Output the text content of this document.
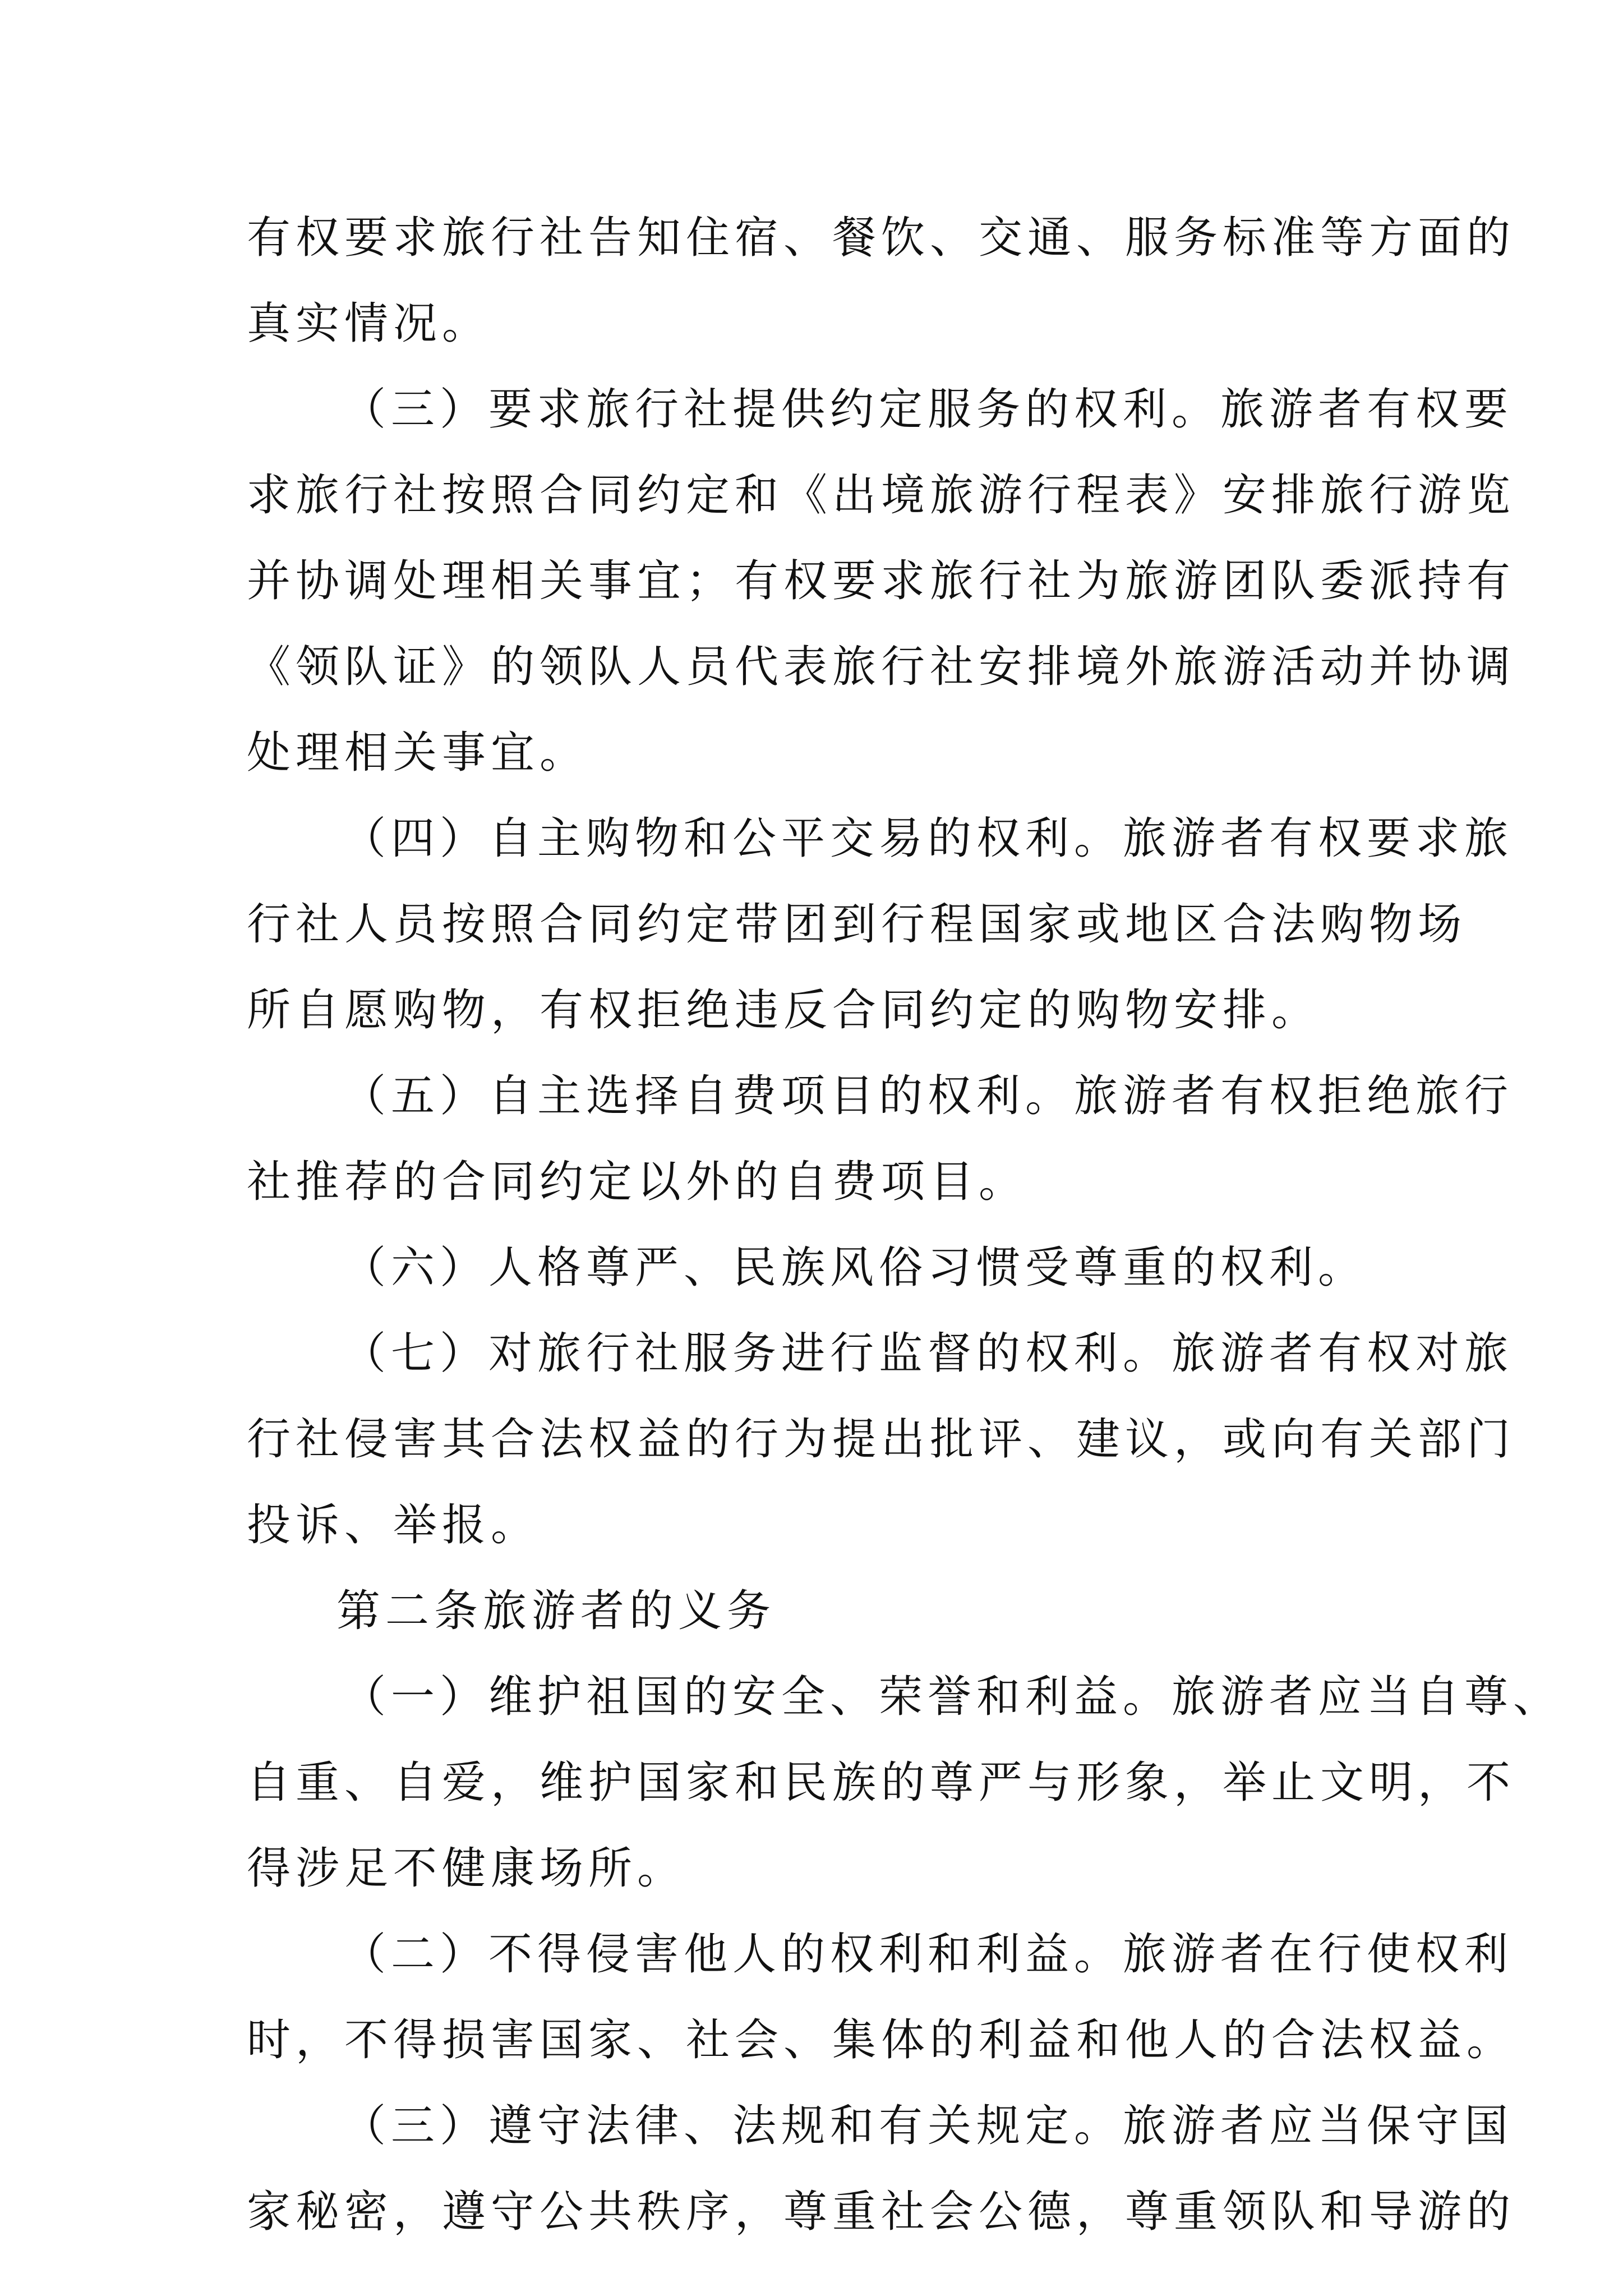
有权要求旅行社告知住宿、餐饮、交通、服务标准等方面的
真实情况。
（三）要求旅行社提供约定服务的权利。旅游者有权要
求旅行社按照合同约定和《出境旅游行程表》安排旅行游览
并协调处理相关事宜；有权要求旅行社为旅游团队委派持有
《领队证》的领队人员代表旅行社安排境外旅游活动并协调
处理相关事宜。
（四）自主购物和公平交易的权利。旅游者有权要求旅
行社人员按照合同约定带团到行程国家或地区合法购物场
所自愿购物，有权拒绝违反合同约定的购物安排。
（五）自主选择自费项目的权利。旅游者有权拒绝旅行
社推荐的合同约定以外的自费项目。
（六）人格尊严、民族风俗习惯受尊重的权利。
（七）对旅行社服务进行监督的权利。旅游者有权对旅
行社侵害其合法权益的行为提出批评、建议，或向有关部门
投诉、举报。
第二条旅游者的义务
（一）维护祖国的安全、荣誉和利益。旅游者应当自尊、
自重、自爱，维护国家和民族的尊严与形象，举止文明，不
得涉足不健康场所。
（二）不得侵害他人的权利和利益。旅游者在行使权利
时，不得损害国家、社会、集体的利益和他人的合法权益。
（三）遵守法律、法规和有关规定。旅游者应当保守国
家秘密，遵守公共秩序，尊重社会公德，尊重领队和导游的
